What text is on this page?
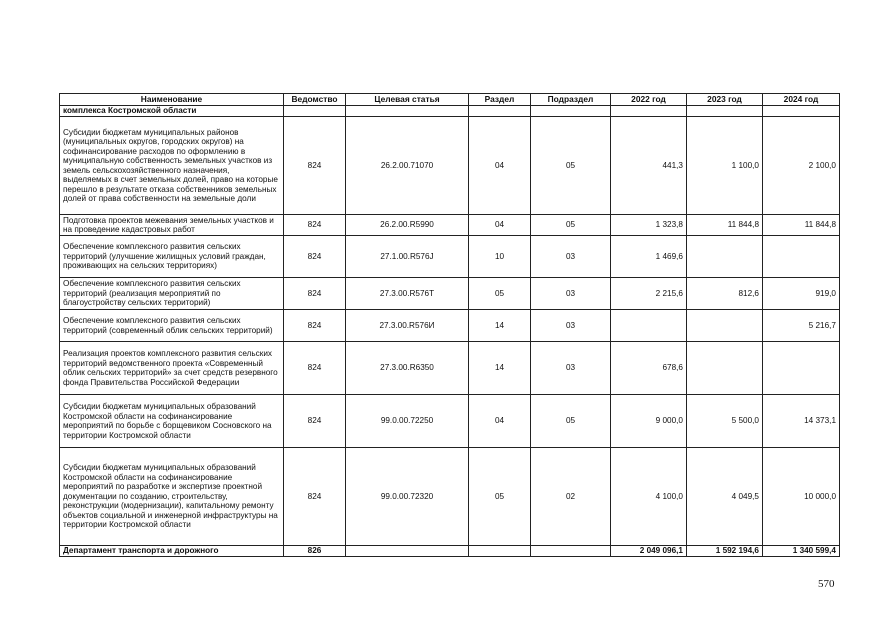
Наименование	Ведомство	Целевая статья	Раздел	Подраздел	2022 год	2023 год	2024 год
комплекса Костромской области							
Субсидии бюджетам муниципальных районов (муниципальных округов, городских округов) на софинансирование расходов по оформлению в муниципальную собственность земельных участков из земель сельскохозяйственного назначения, выделяемых в счет земельных долей, право на которые перешло в результате отказа собственников земельных долей от права собственности на земельные доли	824	26.2.00.71070	04	05	441,3	1 100,0	2 100,0
Подготовка проектов межевания земельных участков и на проведение кадастровых работ	824	26.2.00.R5990	04	05	1 323,8	11 844,8	11 844,8
Обеспечение комплексного развития сельских территорий (улучшение жилищных условий граждан, проживающих на сельских территориях)	824	27.1.00.R576J	10	03	1 469,6		
Обеспечение комплексного развития сельских территорий (реализация мероприятий по благоустройству сельских территорий)	824	27.3.00.R576Т	05	03	2 215,6	812,6	919,0
Обеспечение комплексного развития сельских территорий (современный облик сельских территорий)	824	27.3.00.R576И	14	03			5 216,7
Реализация проектов комплексного развития сельских территорий ведомственного проекта «Современный облик сельских территорий» за счет средств резервного фонда Правительства Российской Федерации	824	27.3.00.R6350	14	03	678,6		
Субсидии бюджетам муниципальных образований Костромской области на софинансирование мероприятий по борьбе с борщевиком Сосновского на территории Костромской области	824	99.0.00.72250	04	05	9 000,0	5 500,0	14 373,1
Субсидии бюджетам муниципальных образований Костромской области на софинансирование мероприятий по разработке и экспертизе проектной документации по созданию, строительству, реконструкции (модернизации), капитальному ремонту объектов социальной и инженерной инфраструктуры на территории Костромской области	824	99.0.00.72320	05	02	4 100,0	4 049,5	10 000,0
Департамент транспорта и дорожного	826				2 049 096,1	1 592 194,6	1 340 599,4
570
